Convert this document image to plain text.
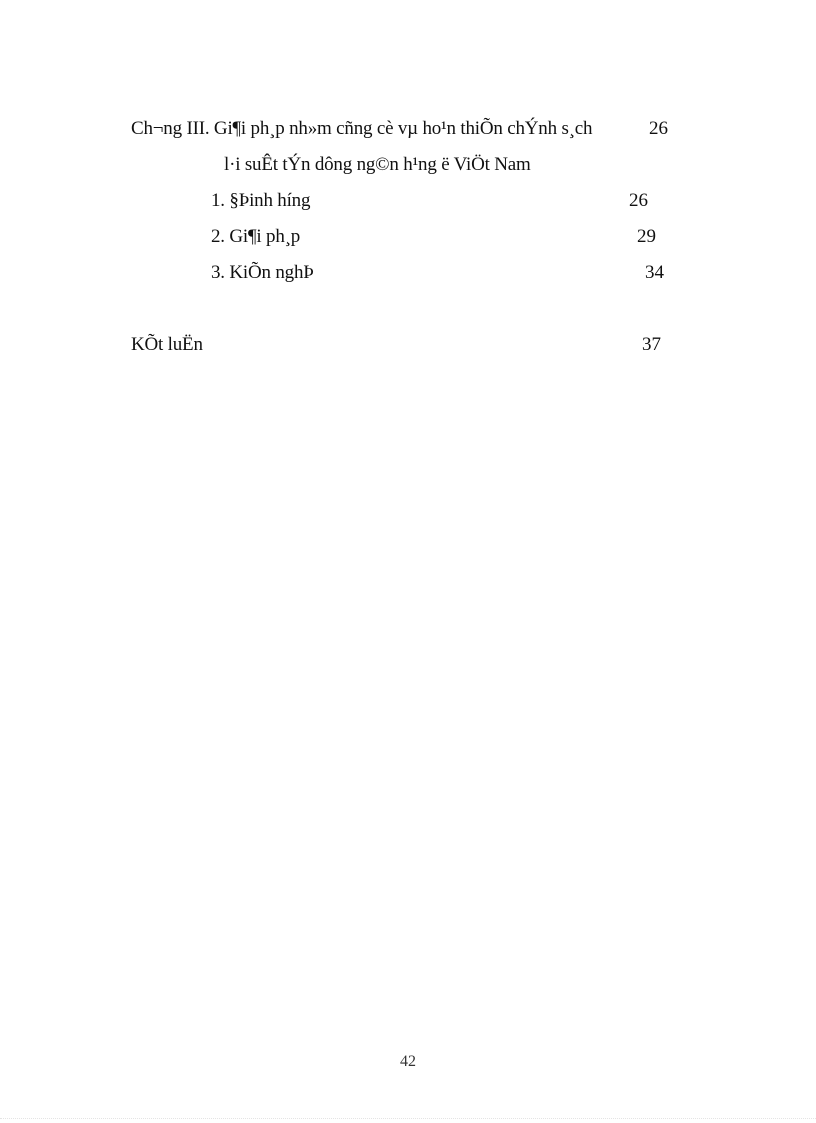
Ch¬ng III. Gi¶i ph¸p nh»m cñng cè vµ ho¹n thiÕn chÝnh s¸ch	26
l·i suÊt tÝn dông ng©n h¹ng ë ViÖt Nam
1. §Þinh híng	26
2. Gi¶i ph¸p	29
3. KiÕn nghÞ	34
KÕt luËn	37
42
